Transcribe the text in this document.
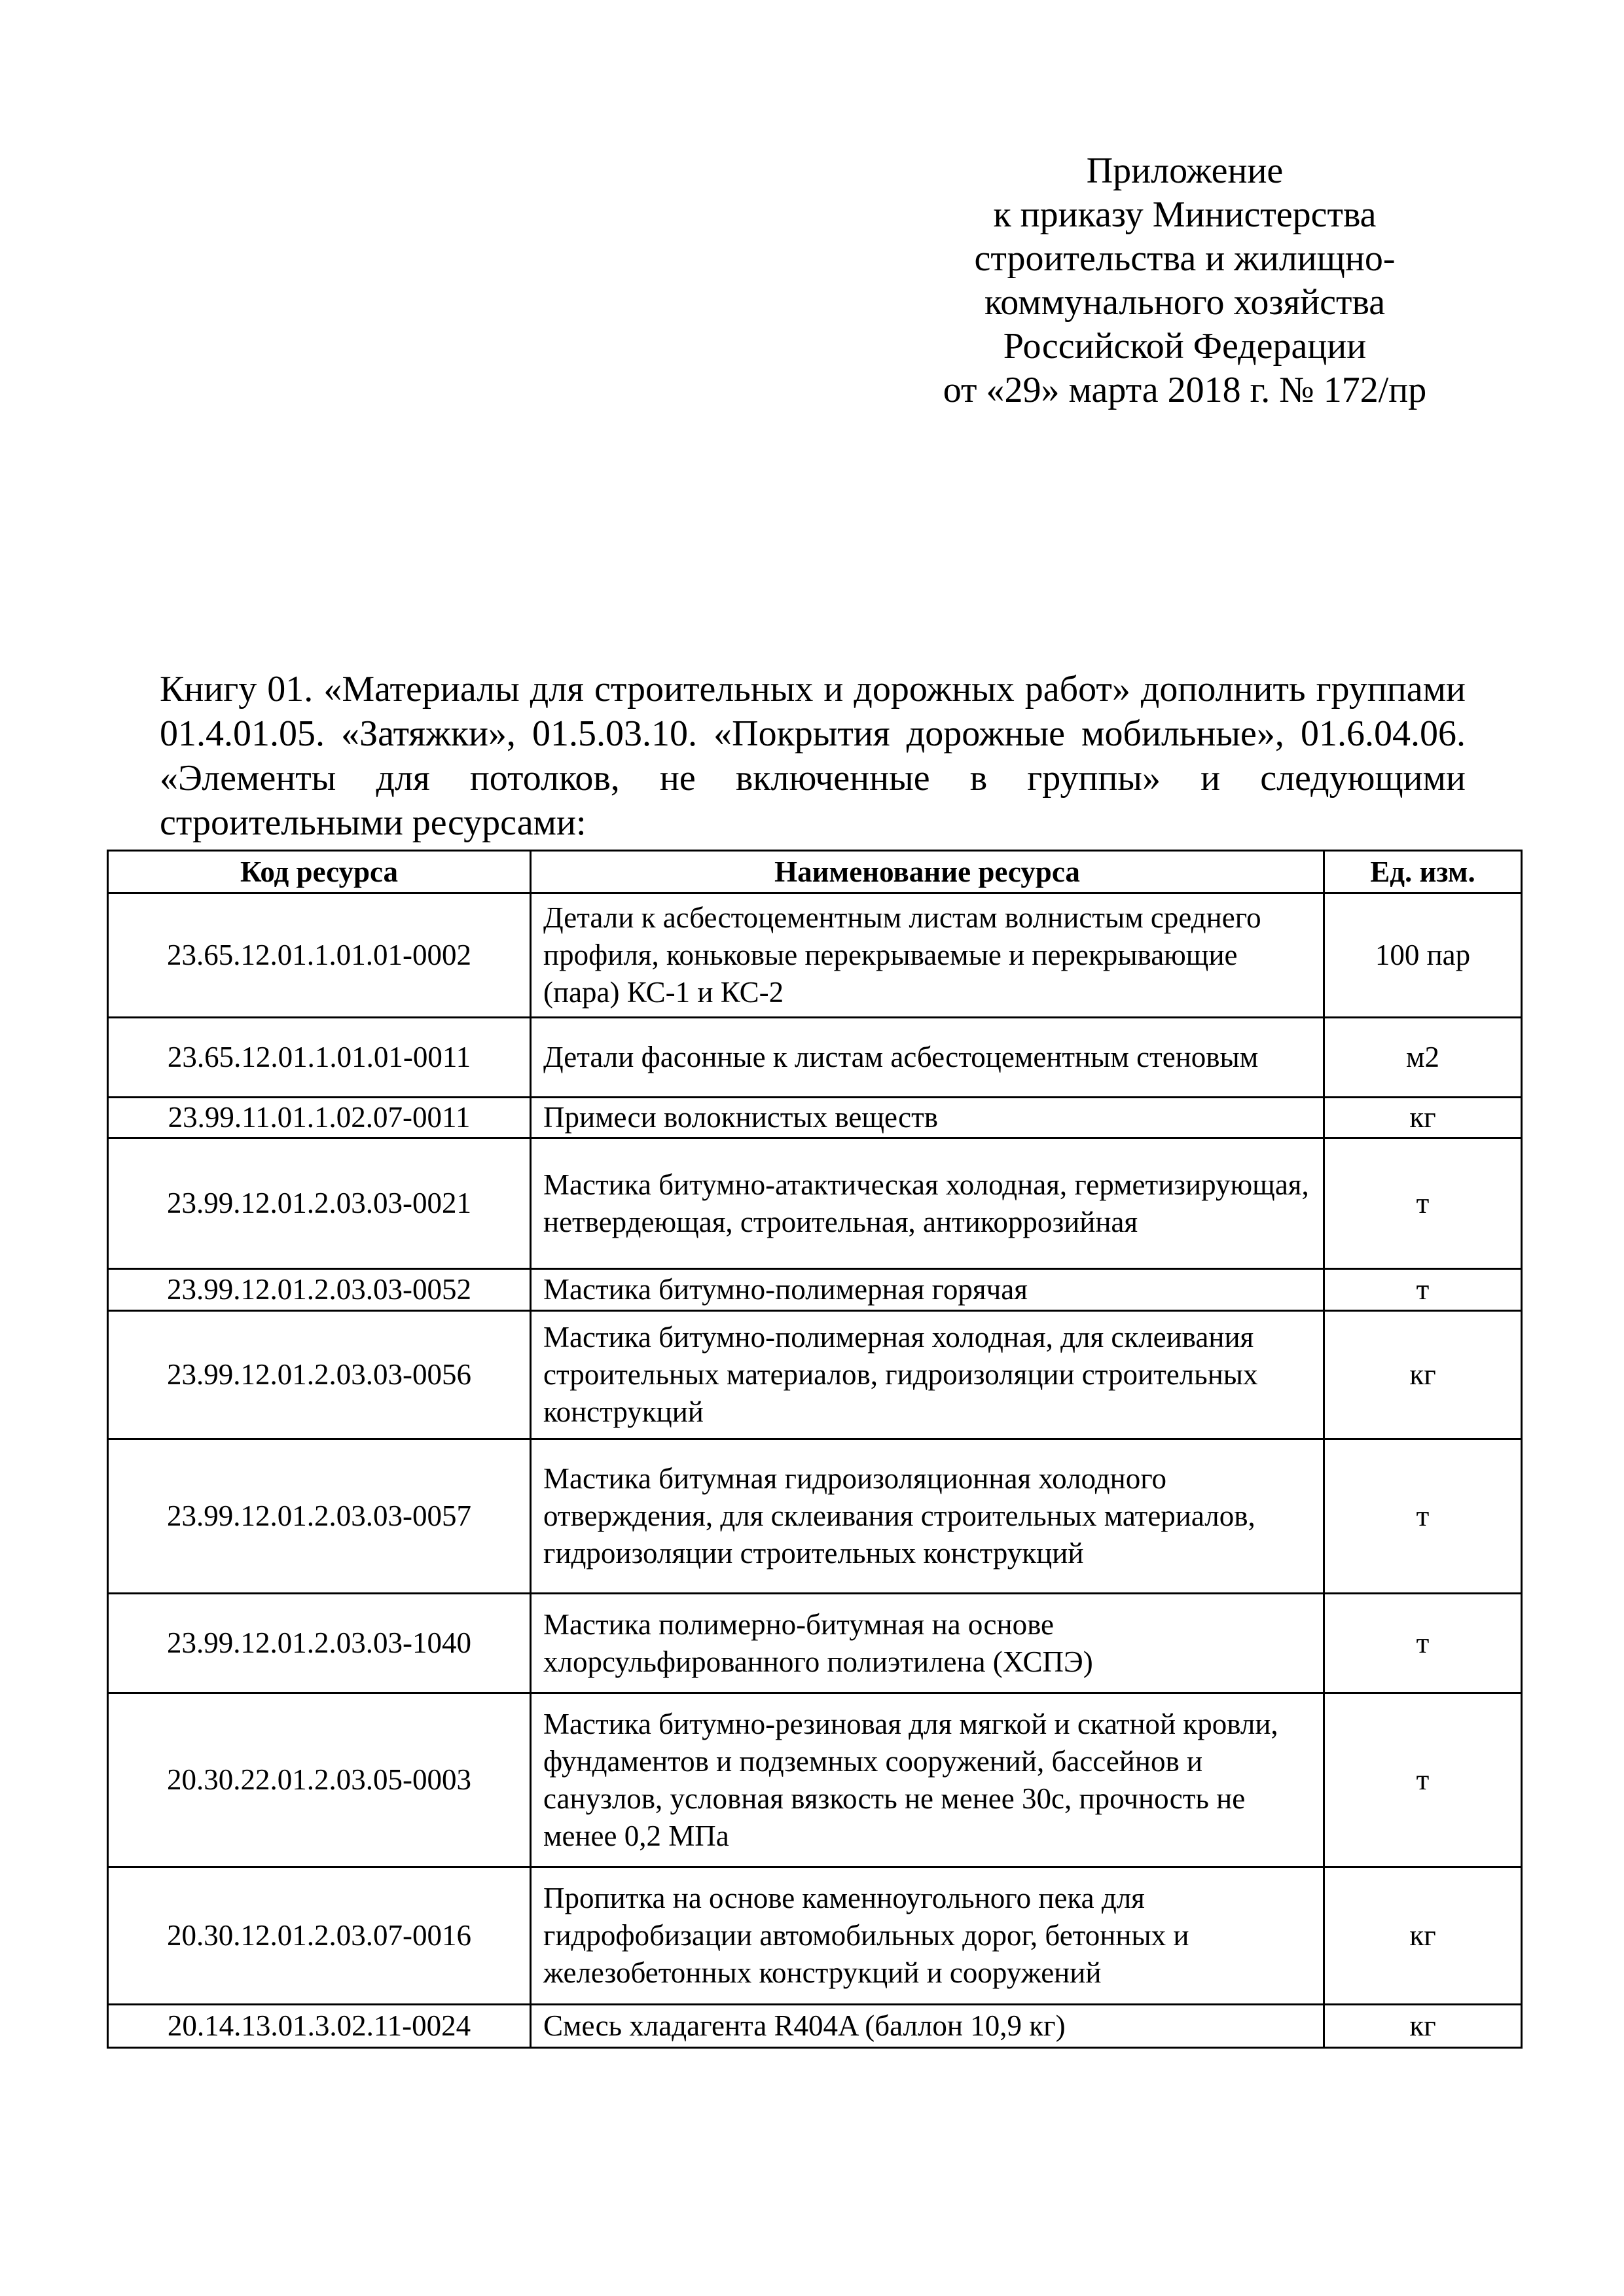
Приложение
к приказу Министерства
строительства и жилищно-
коммунального хозяйства
Российской Федерации
от «29» марта 2018 г. № 172/пр

Книгу 01. «Материалы для строительных и дорожных работ» дополнить группами 01.4.01.05. «Затяжки», 01.5.03.10. «Покрытия дорожные мобильные», 01.6.04.06. «Элементы для потолков, не включенные в группы» и следующими строительными ресурсами:

Код ресурса	Наименование ресурса	Ед. изм.
23.65.12.01.1.01.01-0002	Детали к асбестоцементным листам волнистым среднего профиля, коньковые перекрываемые и перекрывающие (пара) КС-1 и КС-2	100 пар
23.65.12.01.1.01.01-0011	Детали фасонные к листам асбестоцементным стеновым	м2
23.99.11.01.1.02.07-0011	Примеси волокнистых веществ	кг
23.99.12.01.2.03.03-0021	Мастика битумно-атактическая холодная, герметизирующая, нетвердеющая, строительная, антикоррозийная	т
23.99.12.01.2.03.03-0052	Мастика битумно-полимерная горячая	т
23.99.12.01.2.03.03-0056	Мастика битумно-полимерная холодная, для склеивания строительных материалов, гидроизоляции строительных конструкций	кг
23.99.12.01.2.03.03-0057	Мастика битумная гидроизоляционная холодного отверждения, для склеивания строительных материалов, гидроизоляции строительных конструкций	т
23.99.12.01.2.03.03-1040	Мастика полимерно-битумная на основе хлорсульфированного полиэтилена (ХСПЭ)	т
20.30.22.01.2.03.05-0003	Мастика битумно-резиновая для мягкой и скатной кровли, фундаментов и подземных сооружений, бассейнов и санузлов, условная вязкость не менее 30с, прочность не менее 0,2 МПа	т
20.30.12.01.2.03.07-0016	Пропитка на основе каменноугольного пека для гидрофобизации автомобильных дорог, бетонных и железобетонных конструкций и сооружений	кг
20.14.13.01.3.02.11-0024	Смесь хладагента R404A (баллон 10,9 кг)	кг
